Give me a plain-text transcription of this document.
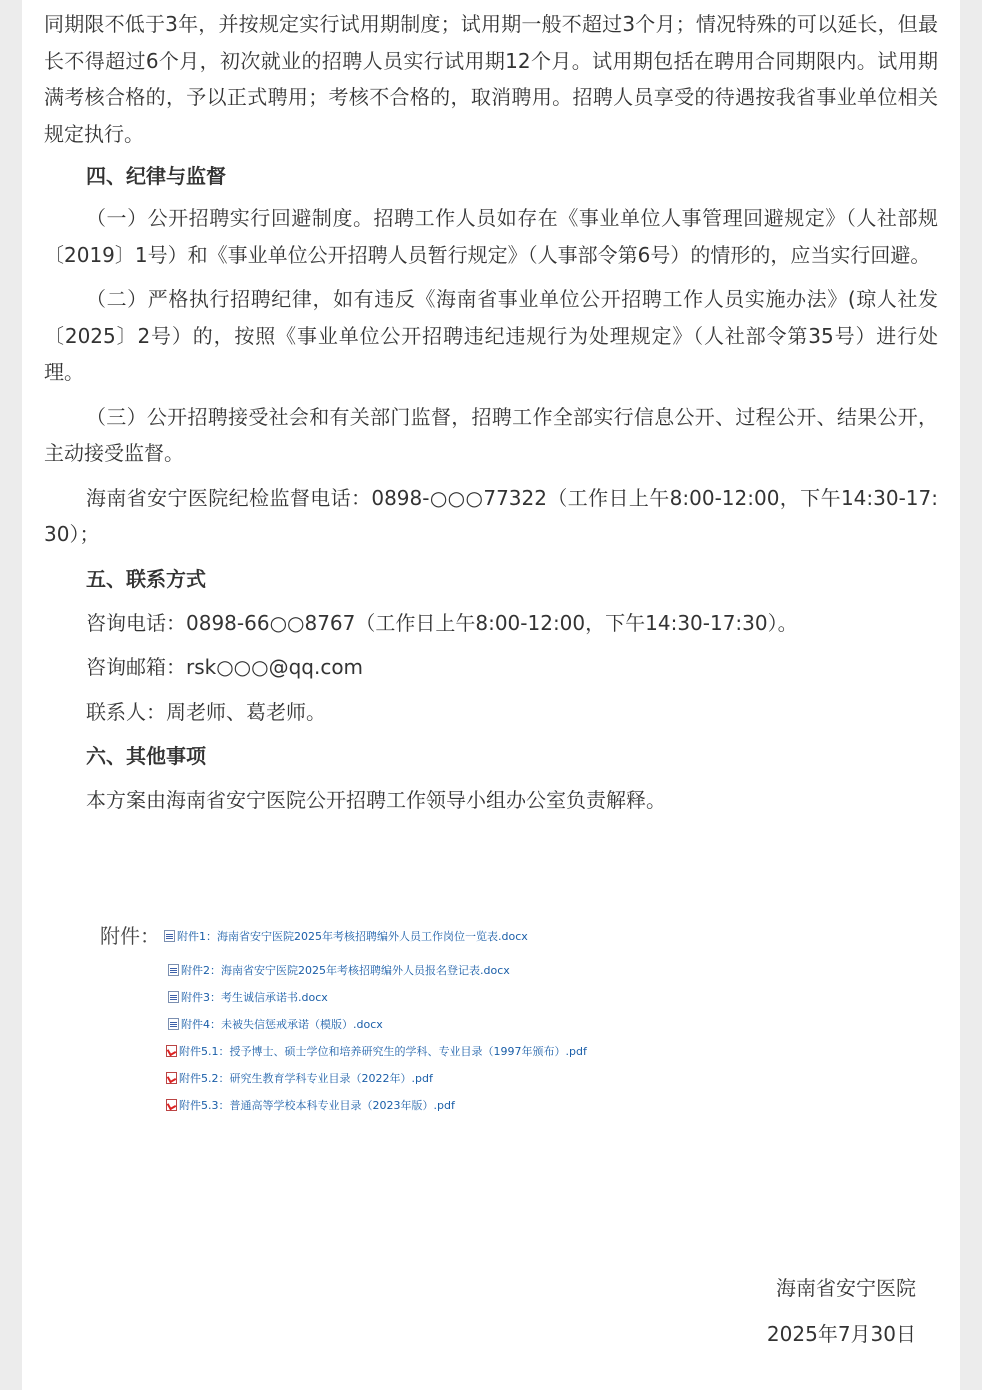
同期限不低于3年，并按规定实行试用期制度；试用期一般不超过3个月；情况特殊的可以延长，但最长不得超过6个月，初次就业的招聘人员实行试用期12个月。试用期包括在聘用合同期限内。试用期满考核合格的，予以正式聘用；考核不合格的，取消聘用。招聘人员享受的待遇按我省事业单位相关规定执行。

四、纪律与监督

（一）公开招聘实行回避制度。招聘工作人员如存在《事业单位人事管理回避规定》（人社部规〔2019〕1号）和《事业单位公开招聘人员暂行规定》（人事部令第6号）的情形的，应当实行回避。

（二）严格执行招聘纪律，如有违反《海南省事业单位公开招聘工作人员实施办法》(琼人社发〔2025〕2号）的，按照《事业单位公开招聘违纪违规行为处理规定》（人社部令第35号）进行处理。

（三）公开招聘接受社会和有关部门监督，招聘工作全部实行信息公开、过程公开、结果公开，主动接受监督。

海南省安宁医院纪检监督电话：0898-○○○77322（工作日上午8:00-12:00，下午14:30-17:30）；

五、联系方式

咨询电话：0898-66○○8767（工作日上午8:00-12:00，下午14:30-17:30）。

咨询邮箱：rsk○○○@qq.com

联系人：周老师、葛老师。

六、其他事项

本方案由海南省安宁医院公开招聘工作领导小组办公室负责解释。

附件： 附件1：海南省安宁医院2025年考核招聘编外人员工作岗位一览表.docx
附件2：海南省安宁医院2025年考核招聘编外人员报名登记表.docx
附件3：考生诚信承诺书.docx
附件4：未被失信惩戒承诺（模版）.docx
附件5.1：授予博士、硕士学位和培养研究生的学科、专业目录（1997年颁布）.pdf
附件5.2：研究生教育学科专业目录（2022年）.pdf
附件5.3：普通高等学校本科专业目录（2023年版）.pdf
海南省安宁医院
2025年7月30日
